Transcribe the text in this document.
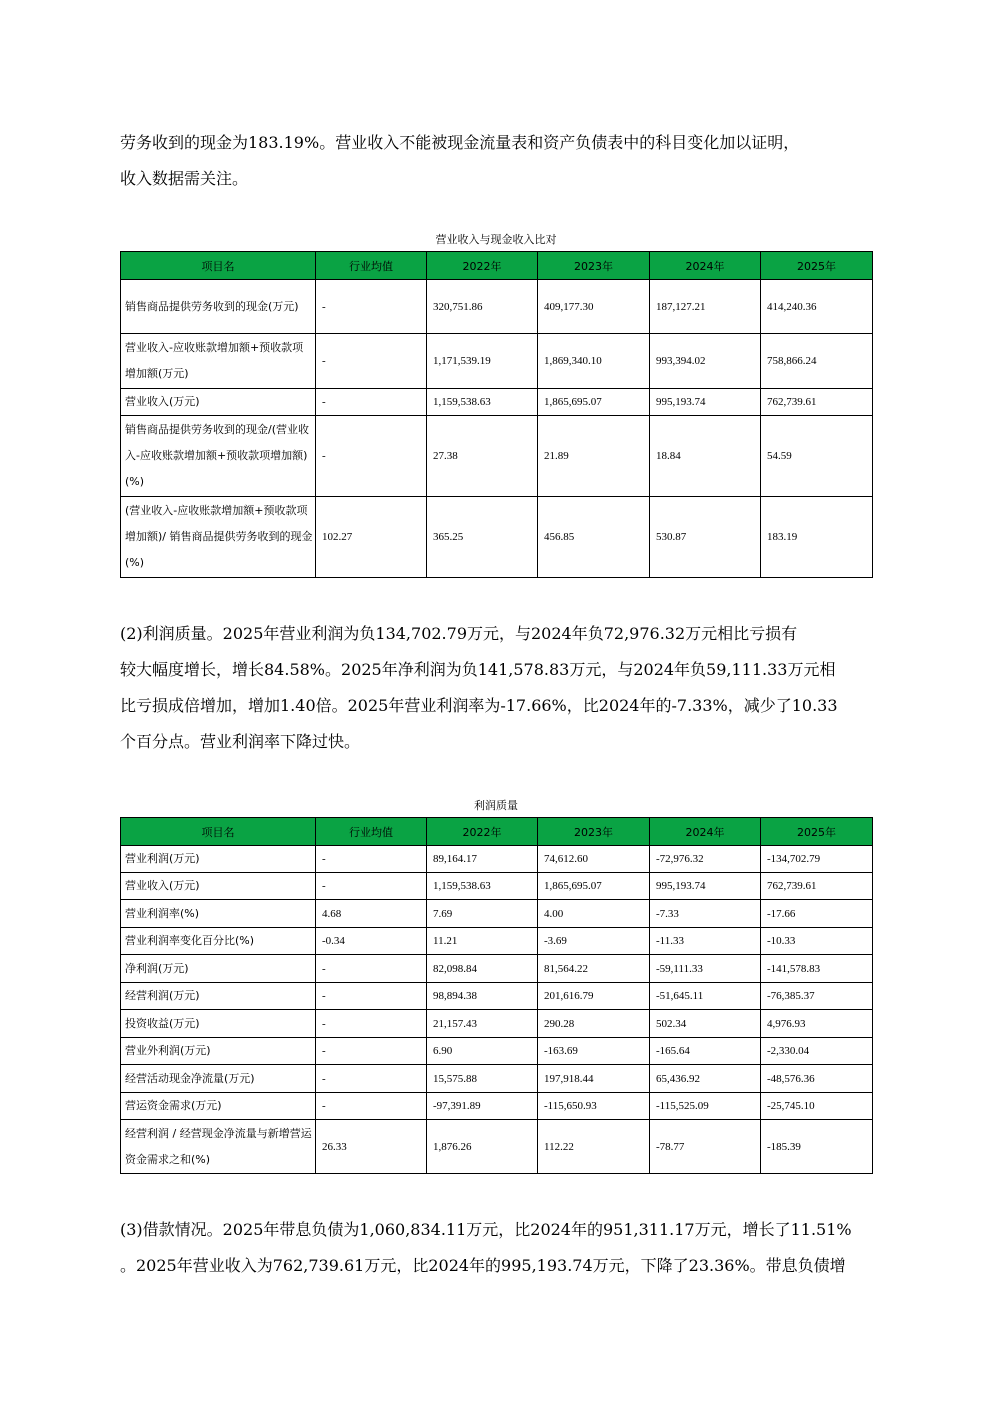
劳务收到的现金为183.19%。营业收入不能被现金流量表和资产负债表中的科目变化加以证明，
收入数据需关注。
营业收入与现金收入比对
项目名	行业均值	2022年	2023年	2024年	2025年
销售商品提供劳务收到的现金(万元)	-	320,751.86	409,177.30	187,127.21	414,240.36
营业收入-应收账款增加额+预收款项增加额(万元)	-	1,171,539.19	1,869,340.10	993,394.02	758,866.24
营业收入(万元)	-	1,159,538.63	1,865,695.07	995,193.74	762,739.61
销售商品提供劳务收到的现金/(营业收入-应收账款增加额+预收款项增加额)(%)	-	27.38	21.89	18.84	54.59
(营业收入-应收账款增加额+预收款项增加额)/ 销售商品提供劳务收到的现金(%)	102.27	365.25	456.85	530.87	183.19
(2)利润质量。2025年营业利润为负134,702.79万元，与2024年负72,976.32万元相比亏损有
较大幅度增长，增长84.58%。2025年净利润为负141,578.83万元，与2024年负59,111.33万元相
比亏损成倍增加，增加1.40倍。2025年营业利润率为-17.66%，比2024年的-7.33%，减少了10.33
个百分点。营业利润率下降过快。
利润质量
项目名	行业均值	2022年	2023年	2024年	2025年
营业利润(万元)	-	89,164.17	74,612.60	-72,976.32	-134,702.79
营业收入(万元)	-	1,159,538.63	1,865,695.07	995,193.74	762,739.61
营业利润率(%)	4.68	7.69	4.00	-7.33	-17.66
营业利润率变化百分比(%)	-0.34	11.21	-3.69	-11.33	-10.33
净利润(万元)	-	82,098.84	81,564.22	-59,111.33	-141,578.83
经营利润(万元)	-	98,894.38	201,616.79	-51,645.11	-76,385.37
投资收益(万元)	-	21,157.43	290.28	502.34	4,976.93
营业外利润(万元)	-	6.90	-163.69	-165.64	-2,330.04
经营活动现金净流量(万元)	-	15,575.88	197,918.44	65,436.92	-48,576.36
营运资金需求(万元)	-	-97,391.89	-115,650.93	-115,525.09	-25,745.10
经营利润 / 经营现金净流量与新增营运资金需求之和(%)	26.33	1,876.26	112.22	-78.77	-185.39
(3)借款情况。2025年带息负债为1,060,834.11万元，比2024年的951,311.17万元，增长了11.51%
。2025年营业收入为762,739.61万元，比2024年的995,193.74万元，下降了23.36%。带息负债增
